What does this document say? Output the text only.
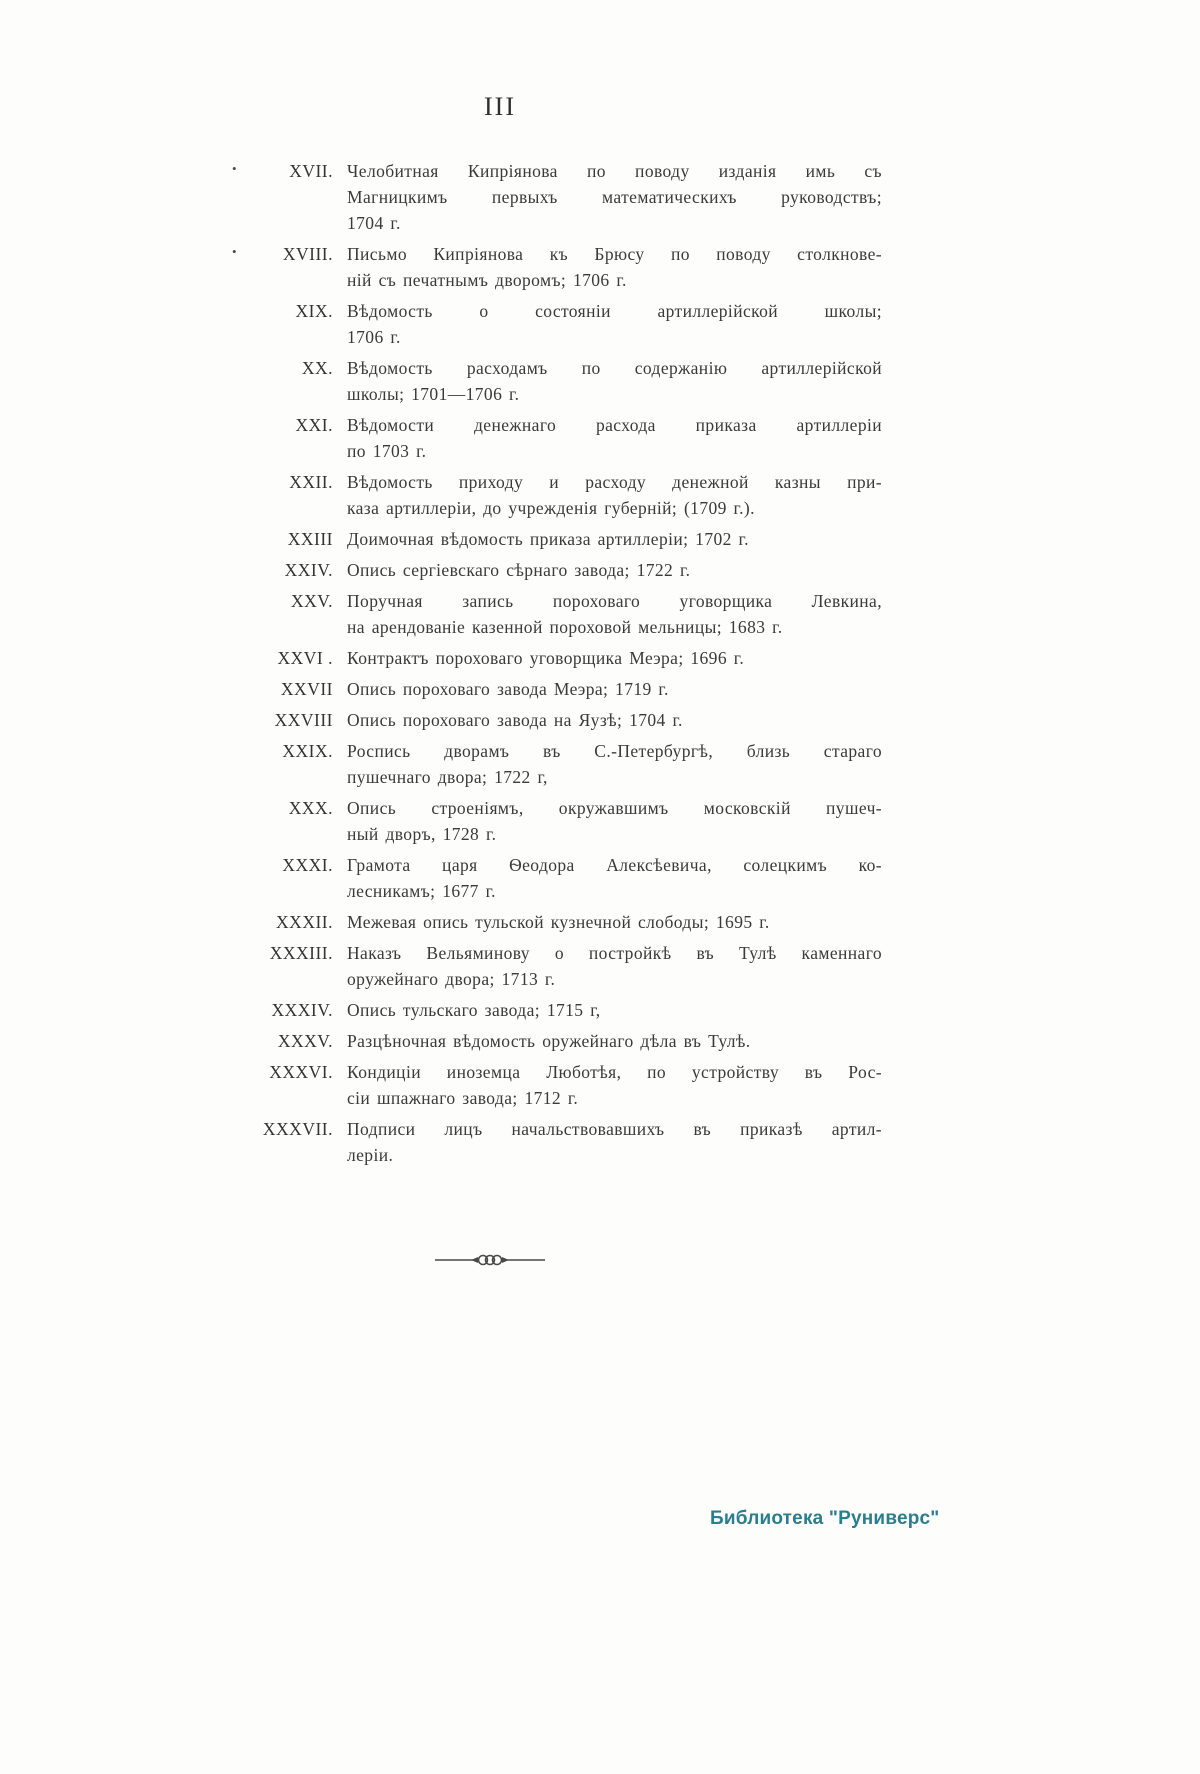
III
•	XVII. Челобитная Кипріянова по поводу изданія имь съ
Магницкимъ первыхъ математическихъ руководствъ;
1704 г.
•	XVIII. Письмо Кипріянова къ Брюсу по поводу столкнове-
ній съ печатнымъ дворомъ; 1706 г.
XIX. Вѣдомость о состояніи артиллерійской школы;
1706 г.
XX. Вѣдомость расходамъ по содержанію артиллерійской
школы; 1701—1706 г.
XXI. Вѣдомости денежнаго расхода приказа артиллеріи
по 1703 г.
XXII. Вѣдомость приходу и расходу денежной казны при-
каза артиллеріи, до учрежденія губерній; (1709 г.).
XXIII Доимочная вѣдомость приказа артиллеріи; 1702 г.
XXIV. Опись сергіевскаго сѣрнаго завода; 1722 г.
XXV. Поручная запись пороховаго уговорщика Левкина,
на арендованіе казенной пороховой мельницы; 1683 г.
XXVI . Контрактъ пороховаго уговорщика Меэра; 1696 г.
XXVII Опись пороховаго завода Меэра; 1719 г.
XXVIII Опись пороховаго завода на Яузѣ; 1704 г.
XXIX. Роспись дворамъ въ С.-Петербургѣ, близь стараго
пушечнаго двора; 1722 г,
XXX. Опись строеніямъ, окружавшимъ московскій пушеч-
ный дворъ, 1728 г.
XXXI. Грамота царя Ѳеодора Алексѣевича, солецкимъ ко-
лесникамъ; 1677 г.
XXXII. Межевая опись тульской кузнечной слободы; 1695 г.
XXXIII. Наказъ Вельяминову о постройкѣ въ Тулѣ каменнаго
оружейнаго двора; 1713 г.
XXXIV. Опись тульскаго завода; 1715 г,
XXXV. Разцѣночная вѣдомость оружейнаго дѣла въ Тулѣ.
XXXVI. Кондиціи иноземца Люботѣя, по устройству въ Рос-
сіи шпажнаго завода; 1712 г.
XXXVII. Подписи лицъ начальствовавшихъ въ приказѣ артил-
леріи.
Библиотека "Руниверс"
